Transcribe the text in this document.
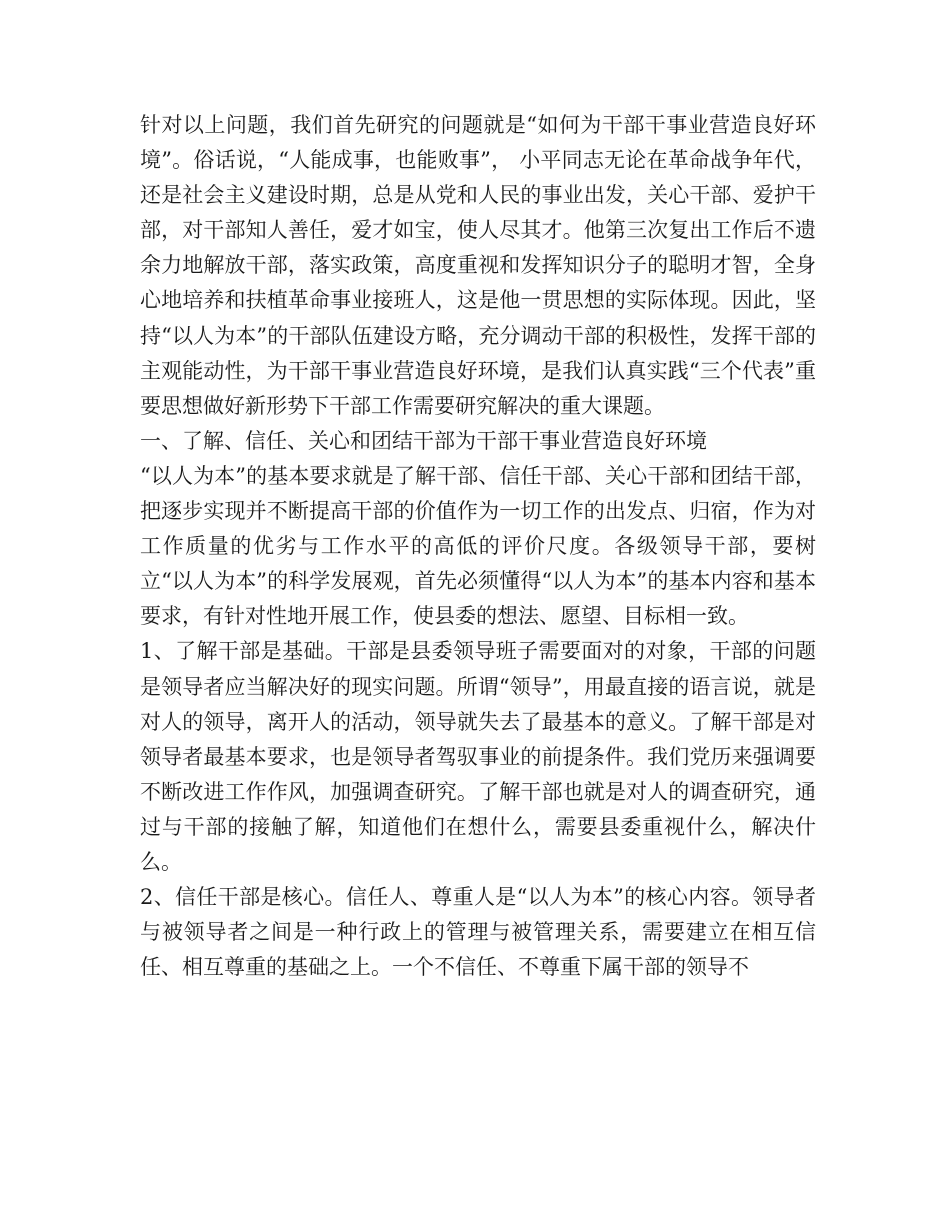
针对以上问题，我们首先研究的问题就是“如何为干部干事业营造良好环境”。俗话说，“人能成事，也能败事”， 小平同志无论在革命战争年代，还是社会主义建设时期，总是从党和人民的事业出发，关心干部、爱护干部，对干部知人善任，爱才如宝，使人尽其才。他第三次复出工作后不遗余力地解放干部，落实政策，高度重视和发挥知识分子的聪明才智，全身心地培养和扶植革命事业接班人，这是他一贯思想的实际体现。因此，坚持“以人为本”的干部队伍建设方略，充分调动干部的积极性，发挥干部的主观能动性，为干部干事业营造良好环境，是我们认真实践“三个代表”重要思想做好新形势下干部工作需要研究解决的重大课题。

一、了解、信任、关心和团结干部为干部干事业营造良好环境

“以人为本”的基本要求就是了解干部、信任干部、关心干部和团结干部，把逐步实现并不断提高干部的价值作为一切工作的出发点、归宿，作为对工作质量的优劣与工作水平的高低的评价尺度。各级领导干部，要树立“以人为本”的科学发展观，首先必须懂得“以人为本”的基本内容和基本要求，有针对性地开展工作，使县委的想法、愿望、目标相一致。

1、了解干部是基础。干部是县委领导班子需要面对的对象，干部的问题是领导者应当解决好的现实问题。所谓“领导”，用最直接的语言说，就是对人的领导，离开人的活动，领导就失去了最基本的意义。了解干部是对领导者最基本要求，也是领导者驾驭事业的前提条件。我们党历来强调要不断改进工作作风，加强调查研究。了解干部也就是对人的调查研究，通过与干部的接触了解，知道他们在想什么，需要县委重视什么，解决什么。

2、信任干部是核心。信任人、尊重人是“以人为本”的核心内容。领导者与被领导者之间是一种行政上的管理与被管理关系，需要建立在相互信任、相互尊重的基础之上。一个不信任、不尊重下属干部的领导不
